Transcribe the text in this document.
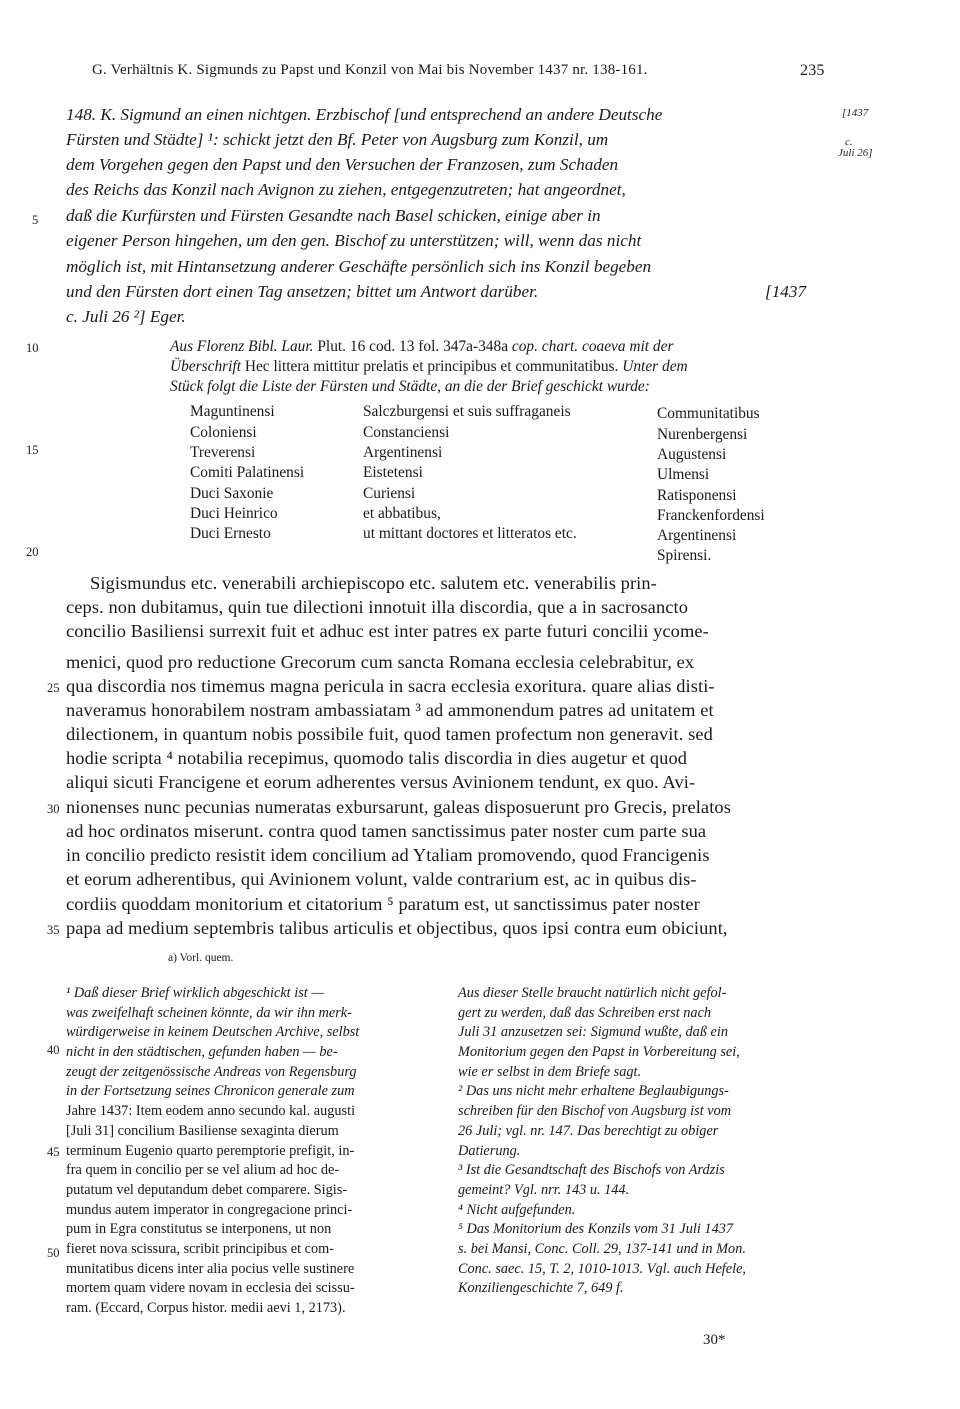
G. Verhältnis K. Sigmunds zu Papst und Konzil von Mai bis November 1437 nr. 138-161.	235
[1437
c.
Juli 26]
5
10
15
20
25
30
35
40
45
50
148. K. Sigmund an einen nichtgen. Erzbischof [und entsprechend an andere Deutsche
Fürsten und Städte] ¹: schickt jetzt den Bf. Peter von Augsburg zum Konzil, um
dem Vorgehen gegen den Papst und den Versuchen der Franzosen, zum Schaden
des Reichs das Konzil nach Avignon zu ziehen, entgegenzutreten; hat angeordnet,
daß die Kurfürsten und Fürsten Gesandte nach Basel schicken, einige aber in
eigener Person hingehen, um den gen. Bischof zu unterstützen; will, wenn das nicht
möglich ist, mit Hintansetzung anderer Geschäfte persönlich sich ins Konzil begeben
und den Fürsten dort einen Tag ansetzen; bittet um Antwort darüber.	[1437
c. Juli 26 ²] Eger.
Aus Florenz Bibl. Laur. Plut. 16 cod. 13 fol. 347a-348a cop. chart. coaeva mit der
Überschrift Hec littera mittitur prelatis et principibus et communitatibus. Unter dem
Stück folgt die Liste der Fürsten und Städte, an die der Brief geschickt wurde:
Maguntinensi
Coloniensi
Treverensi
Comiti Palatinensi
Duci Saxonie
Duci Heinrico
Duci Ernesto
Salczburgensi et suis suffraganeis
Constanciensi
Argentinensi
Eistetensi
Curiensi
et abbatibus,
ut mittant doctores et litteratos etc.
Communitatibus
Nurenbergensi
Augustensi
Ulmensi
Ratisponensi
Franckenfordensi
Argentinensi
Spirensi.
Sigismundus etc. venerabili archiepiscopo etc. salutem etc. venerabilis prin-
ceps. non dubitamus, quin tue dilectioni innotuit illa discordia, que a in sacrosancto
concilio Basiliensi surrexit fuit et adhuc est inter patres ex parte futuri concilii ycome-
menici, quod pro reductione Grecorum cum sancta Romana ecclesia celebrabitur, ex
qua discordia nos timemus magna pericula in sacra ecclesia exoritura. quare alias disti-
naveramus honorabilem nostram ambassiatam ³ ad ammonendum patres ad unitatem et
dilectionem, in quantum nobis possibile fuit, quod tamen profectum non generavit. sed
hodie scripta ⁴ notabilia recepimus, quomodo talis discordia in dies augetur et quod
aliqui sicuti Francigene et eorum adherentes versus Avinionem tendunt, ex quo. Avi-
nionenses nunc pecunias numeratas exbursarunt, galeas disposuerunt pro Grecis, prelatos
ad hoc ordinatos miserunt. contra quod tamen sanctissimus pater noster cum parte sua
in concilio predicto resistit idem concilium ad Ytaliam promovendo, quod Francigenis
et eorum adherentibus, qui Avinionem volunt, valde contrarium est, ac in quibus dis-
cordiis quoddam monitorium et citatorium ⁵ paratum est, ut sanctissimus pater noster
papa ad medium septembris talibus articulis et objectibus, quos ipsi contra eum obiciunt,
a) Vorl. quem.
¹ Daß dieser Brief wirklich abgeschickt ist —
was zweifelhaft scheinen könnte, da wir ihn merk-
würdigerweise in keinem Deutschen Archive, selbst
nicht in den städtischen, gefunden haben — be-
zeugt der zeitgenössische Andreas von Regensburg
in der Fortsetzung seines Chronicon generale zum
Jahre 1437: Item eodem anno secundo kal. augusti
[Juli 31] concilium Basiliense sexaginta dierum
terminum Eugenio quarto peremptorie prefigit, in-
fra quem in concilio per se vel alium ad hoc de-
putatum vel deputandum debet comparere. Sigis-
mundus autem imperator in congregacione princi-
pum in Egra constitutus se interponens, ut non
fieret nova scissura, scribit principibus et com-
munitatibus dicens inter alia pocius velle sustinere
mortem quam videre novam in ecclesia dei scissu-
ram. (Eccard, Corpus histor. medii aevi 1, 2173).
Aus dieser Stelle braucht natürlich nicht gefol-
gert zu werden, daß das Schreiben erst nach
Juli 31 anzusetzen sei: Sigmund wußte, daß ein
Monitorium gegen den Papst in Vorbereitung sei,
wie er selbst in dem Briefe sagt.
² Das uns nicht mehr erhaltene Beglaubigungs-
schreiben für den Bischof von Augsburg ist vom
26 Juli; vgl. nr. 147. Das berechtigt zu obiger
Datierung.
³ Ist die Gesandtschaft des Bischofs von Ardzis
gemeint? Vgl. nrr. 143 u. 144.
⁴ Nicht aufgefunden.
⁵ Das Monitorium des Konzils vom 31 Juli 1437
s. bei Mansi, Conc. Coll. 29, 137-141 und in Mon.
Conc. saec. 15, T. 2, 1010-1013. Vgl. auch Hefele,
Konziliengeschichte 7, 649 f.
30*
